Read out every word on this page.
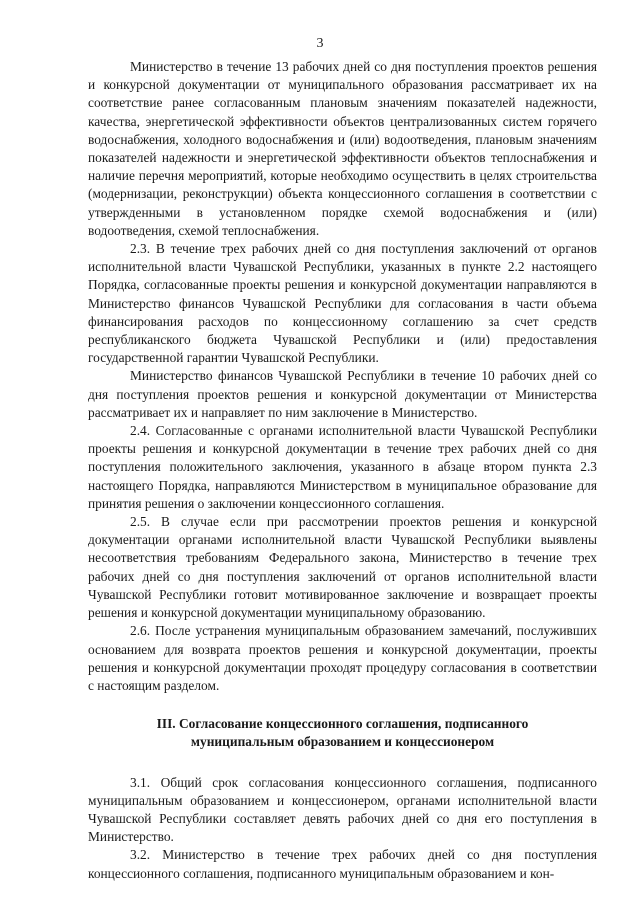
3

Министерство в течение 13 рабочих дней со дня поступления проектов решения и конкурсной документации от муниципального образования рассматривает их на соответствие ранее согласованным плановым значениям показателей надежности, качества, энергетической эффективности объектов централизованных систем горячего водоснабжения, холодного водоснабжения и (или) водоотведения, плановым значениям показателей надежности и энергетической эффективности объектов теплоснабжения и наличие перечня мероприятий, которые необходимо осуществить в целях строительства (модернизации, реконструкции) объекта концессионного соглашения в соответствии с утвержденными в установленном порядке схемой водоснабжения и (или) водоотведения, схемой теплоснабжения.

2.3. В течение трех рабочих дней со дня поступления заключений от органов исполнительной власти Чувашской Республики, указанных в пункте 2.2 настоящего Порядка, согласованные проекты решения и конкурсной документации направляются в Министерство финансов Чувашской Республики для согласования в части объема финансирования расходов по концессионному соглашению за счет средств республиканского бюджета Чувашской Республики и (или) предоставления государственной гарантии Чувашской Республики.

Министерство финансов Чувашской Республики в течение 10 рабочих дней со дня поступления проектов решения и конкурсной документации от Министерства рассматривает их и направляет по ним заключение в Министерство.

2.4. Согласованные с органами исполнительной власти Чувашской Республики проекты решения и конкурсной документации в течение трех рабочих дней со дня поступления положительного заключения, указанного в абзаце втором пункта 2.3 настоящего Порядка, направляются Министерством в муниципальное образование для принятия решения о заключении концессионного соглашения.

2.5. В случае если при рассмотрении проектов решения и конкурсной документации органами исполнительной власти Чувашской Республики выявлены несоответствия требованиям Федерального закона, Министерство в течение трех рабочих дней со дня поступления заключений от органов исполнительной власти Чувашской Республики готовит мотивированное заключение и возвращает проекты решения и конкурсной документации муниципальному образованию.

2.6. После устранения муниципальным образованием замечаний, послуживших основанием для возврата проектов решения и конкурсной документации, проекты решения и конкурсной документации проходят процедуру согласования в соответствии с настоящим разделом.

III. Согласование концессионного соглашения, подписанного
муниципальным образованием и концессионером

3.1. Общий срок согласования концессионного соглашения, подписанного муниципальным образованием и концессионером, органами исполнительной власти Чувашской Республики составляет девять рабочих дней со дня его поступления в Министерство.

3.2. Министерство в течение трех рабочих дней со дня поступления концессионного соглашения, подписанного муниципальным образованием и кон-
